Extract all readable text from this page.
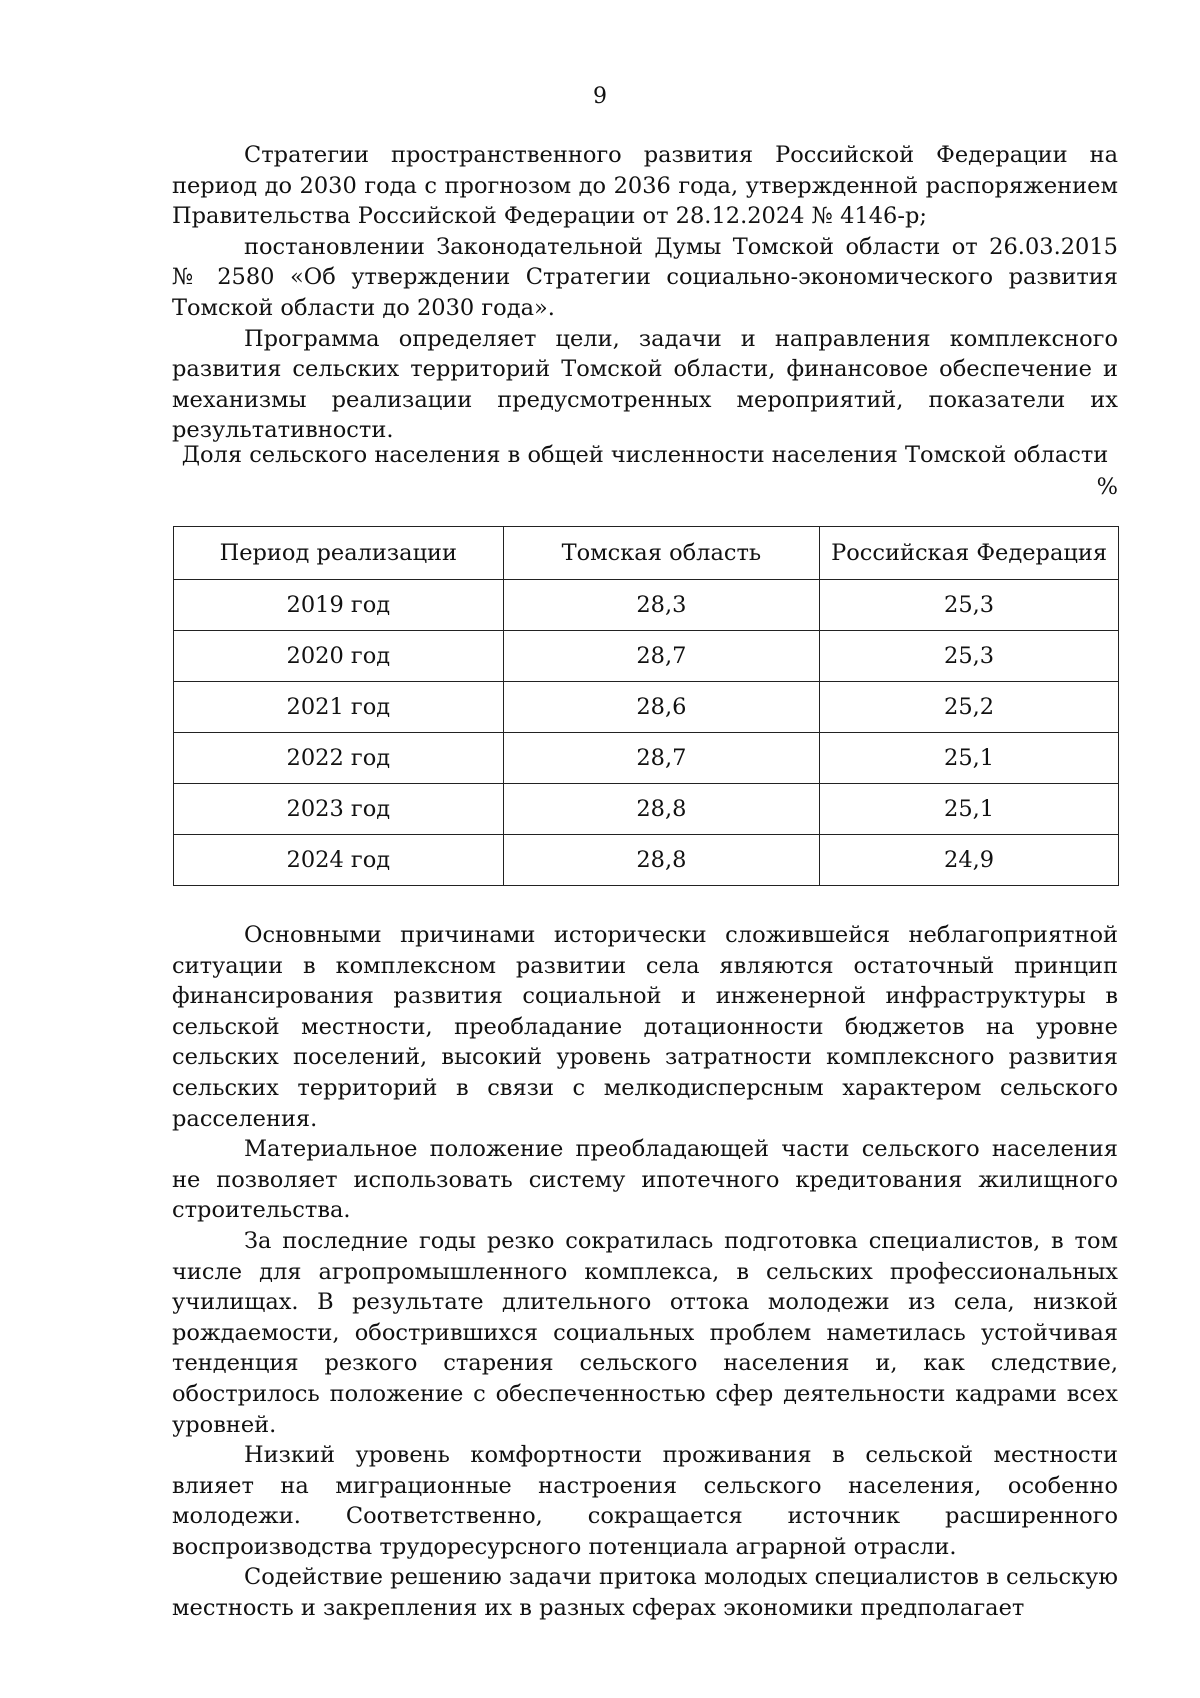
9

Стратегии пространственного развития Российской Федерации на период до 2030 года с прогнозом до 2036 года, утвержденной распоряжением Правительства Российской Федерации от 28.12.2024 № 4146-р;

постановлении Законодательной Думы Томской области от 26.03.2015 № 2580 «Об утверждении Стратегии социально-экономического развития Томской области до 2030 года».

Программа определяет цели, задачи и направления комплексного развития сельских территорий Томской области, финансовое обеспечение и механизмы реализации предусмотренных мероприятий, показатели их результативности.

Доля сельского населения в общей численности населения Томской области
%
Период реализации	Томская область	Российская Федерация
2019 год	28,3	25,3
2020 год	28,7	25,3
2021 год	28,6	25,2
2022 год	28,7	25,1
2023 год	28,8	25,1
2024 год	28,8	24,9

Основными причинами исторически сложившейся неблагоприятной ситуации в комплексном развитии села являются остаточный принцип финансирования развития социальной и инженерной инфраструктуры в сельской местности, преобладание дотационности бюджетов на уровне сельских поселений, высокий уровень затратности комплексного развития сельских территорий в связи с мелкодисперсным характером сельского расселения.

Материальное положение преобладающей части сельского населения не позволяет использовать систему ипотечного кредитования жилищного строительства.

За последние годы резко сократилась подготовка специалистов, в том числе для агропромышленного комплекса, в сельских профессиональных училищах. В результате длительного оттока молодежи из села, низкой рождаемости, обострившихся социальных проблем наметилась устойчивая тенденция резкого старения сельского населения и, как следствие, обострилось положение с обеспеченностью сфер деятельности кадрами всех уровней.

Низкий уровень комфортности проживания в сельской местности влияет на миграционные настроения сельского населения, особенно молодежи. Соответственно, сокращается источник расширенного воспроизводства трудоресурсного потенциала аграрной отрасли.

Содействие решению задачи притока молодых специалистов в сельскую местность и закрепления их в разных сферах экономики предполагает
